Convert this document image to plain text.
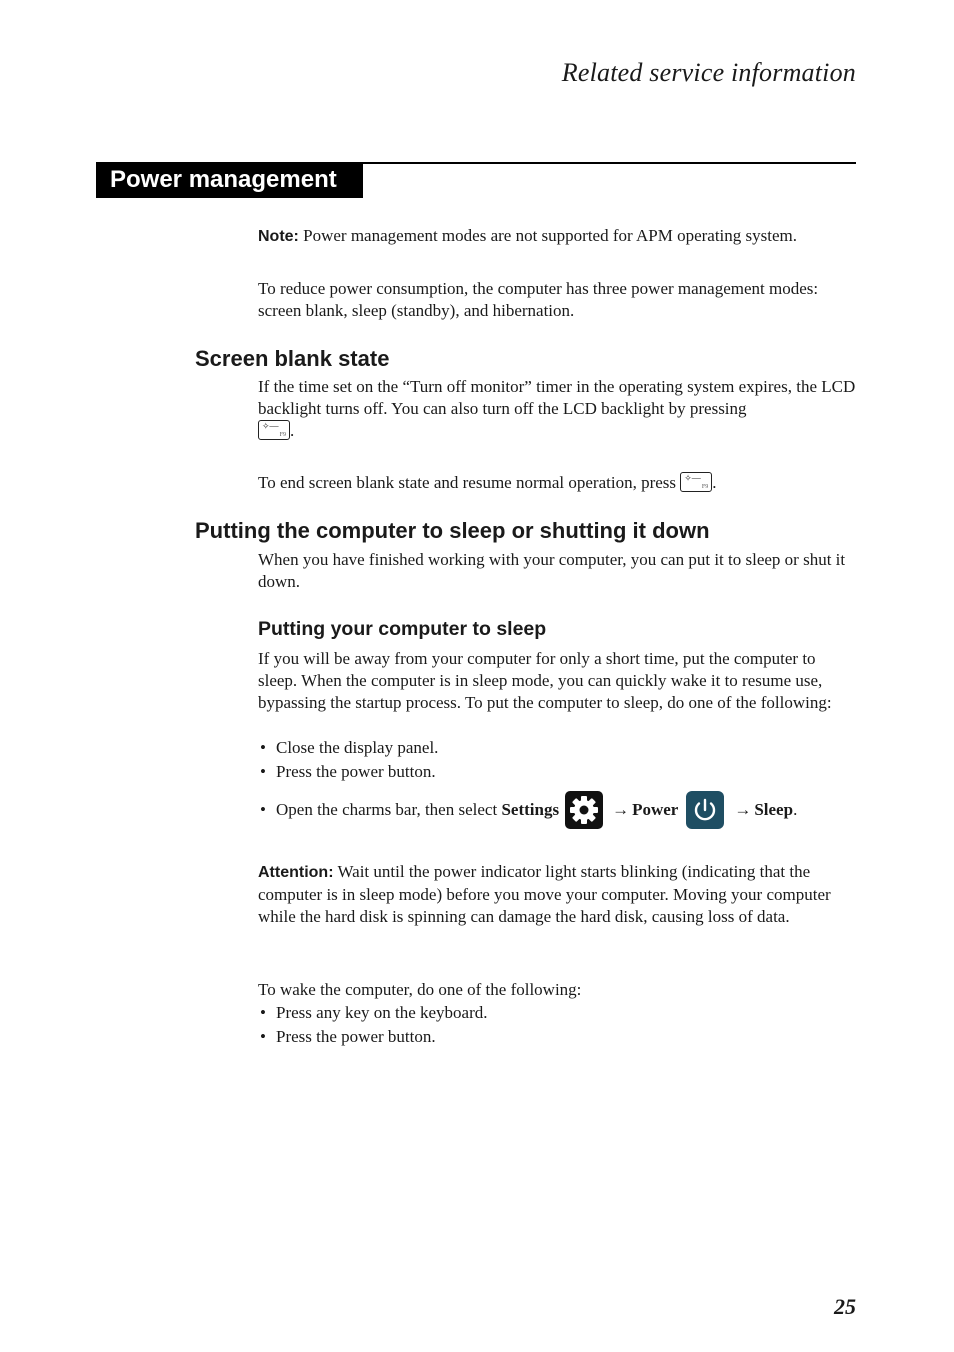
Related service information
Power management
Note: Power management modes are not supported for APM operating system.
To reduce power consumption, the computer has three power management modes: screen blank, sleep (standby), and hibernation.
Screen blank state
If the time set on the “Turn off monitor” timer in the operating system expires, the LCD backlight turns off. You can also turn off the LCD backlight by pressing

✧—
F9 .
To end screen blank state and resume normal operation, press ✧—
F9 .
Putting the computer to sleep or shutting it down
When you have finished working with your computer, you can put it to sleep or shut it down.
Putting your computer to sleep
If you will be away from your computer for only a short time, put the computer to sleep. When the computer is in sleep mode, you can quickly wake it to resume use, bypassing the startup process. To put the computer to sleep, do one of the following:
• Close the display panel.
• Press the power button.
• Open the charms bar, then select Settings	→ Power	→ Sleep .
Attention: Wait until the power indicator light starts blinking (indicating that the computer is in sleep mode) before you move your computer. Moving your computer while the hard disk is spinning can damage the hard disk, causing loss of data.
To wake the computer, do one of the following:
• Press any key on the keyboard.
• Press the power button.
25
